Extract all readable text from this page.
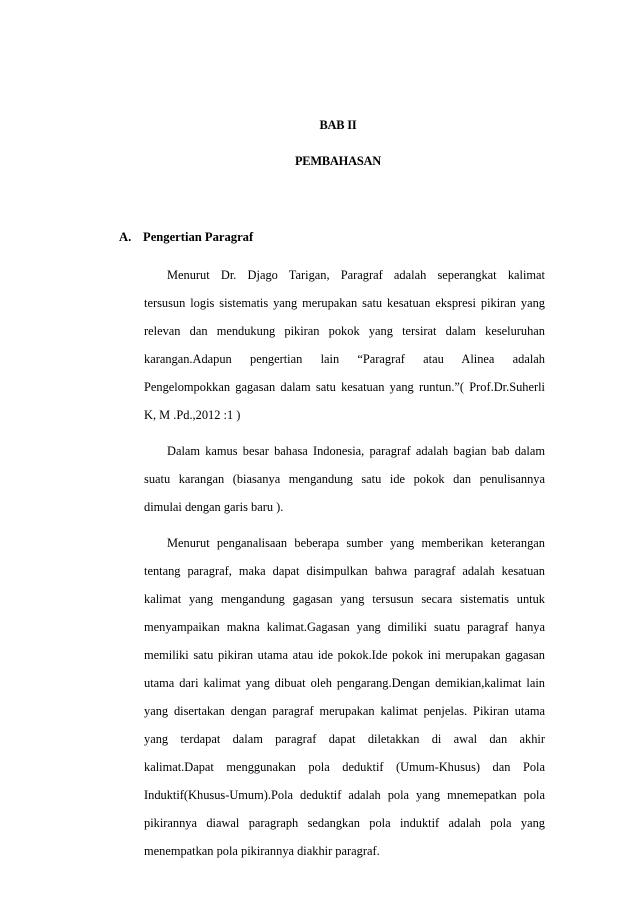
BAB II
PEMBAHASAN
A. Pengertian Paragraf
Menurut Dr. Djago Tarigan, Paragraf adalah seperangkat kalimat
tersusun logis sistematis yang merupakan satu kesatuan ekspresi pikiran yang
relevan dan mendukung pikiran pokok yang tersirat dalam keseluruhan
karangan.Adapun pengertian lain “Paragraf atau Alinea adalah
Pengelompokkan gagasan dalam satu kesatuan yang runtun.”( Prof.Dr.Suherli
K, M .Pd.,2012 :1 )
Dalam kamus besar bahasa Indonesia, paragraf adalah bagian bab dalam
suatu karangan (biasanya mengandung satu ide pokok dan penulisannya
dimulai dengan garis baru ).
Menurut penganalisaan beberapa sumber yang memberikan keterangan
tentang paragraf, maka dapat disimpulkan bahwa paragraf adalah kesatuan
kalimat yang mengandung gagasan yang tersusun secara sistematis untuk
menyampaikan makna kalimat.Gagasan yang dimiliki suatu paragraf hanya
memiliki satu pikiran utama atau ide pokok.Ide pokok ini merupakan gagasan
utama dari kalimat yang dibuat oleh pengarang.Dengan demikian,kalimat lain
yang disertakan dengan paragraf merupakan kalimat penjelas. Pikiran utama
yang terdapat dalam paragraf dapat diletakkan di awal dan akhir
kalimat.Dapat menggunakan pola deduktif (Umum-Khusus) dan Pola
Induktif(Khusus-Umum).Pola deduktif adalah pola yang mnemepatkan pola
pikirannya diawal paragraph sedangkan pola induktif adalah pola yang
menempatkan pola pikirannya diakhir paragraf.
